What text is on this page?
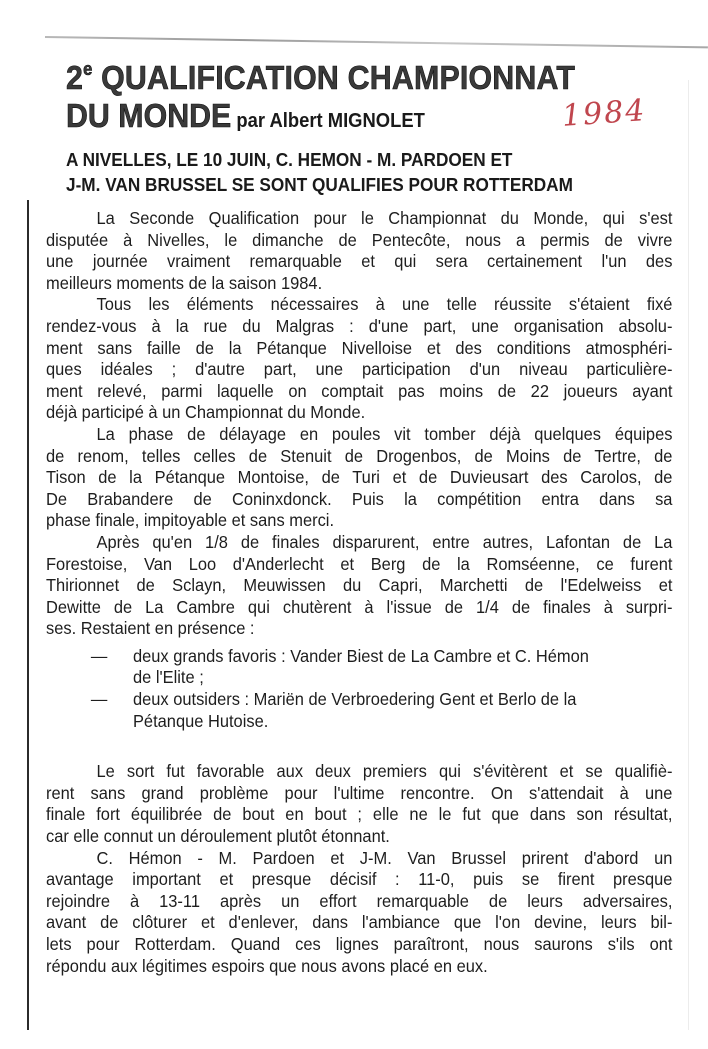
2e QUALIFICATION CHAMPIONNAT
DU MONDE par Albert MIGNOLET	1984
A NIVELLES, LE 10 JUIN, C. HEMON - M. PARDOEN ET
J-M. VAN BRUSSEL SE SONT QUALIFIES POUR ROTTERDAM
La Seconde Qualification pour le Championnat du Monde, qui s'est
disputée à Nivelles, le dimanche de Pentecôte, nous a permis de vivre
une journée vraiment remarquable et qui sera certainement l'un des
meilleurs moments de la saison 1984.
Tous les éléments nécessaires à une telle réussite s'étaient fixé
rendez-vous à la rue du Malgras : d'une part, une organisation absolu-
ment sans faille de la Pétanque Nivelloise et des conditions atmosphéri-
ques idéales ; d'autre part, une participation d'un niveau particulière-
ment relevé, parmi laquelle on comptait pas moins de 22 joueurs ayant
déjà participé à un Championnat du Monde.
La phase de délayage en poules vit tomber déjà quelques équipes
de renom, telles celles de Stenuit de Drogenbos, de Moins de Tertre, de
Tison de la Pétanque Montoise, de Turi et de Duvieusart des Carolos, de
De Brabandere de Coninxdonck. Puis la compétition entra dans sa
phase finale, impitoyable et sans merci.
Après qu'en 1/8 de finales disparurent, entre autres, Lafontan de La
Forestoise, Van Loo d'Anderlecht et Berg de la Romséenne, ce furent
Thirionnet de Sclayn, Meuwissen du Capri, Marchetti de l'Edelweiss et
Dewitte de La Cambre qui chutèrent à l'issue de 1/4 de finales à surpri-
ses. Restaient en présence :
— deux grands favoris : Vander Biest de La Cambre et C. Hémon
de l'Elite ;
— deux outsiders : Mariën de Verbroedering Gent et Berlo de la
Pétanque Hutoise.
Le sort fut favorable aux deux premiers qui s'évitèrent et se qualifiè-
rent sans grand problème pour l'ultime rencontre. On s'attendait à une
finale fort équilibrée de bout en bout ; elle ne le fut que dans son résultat,
car elle connut un déroulement plutôt étonnant.
C. Hémon - M. Pardoen et J-M. Van Brussel prirent d'abord un
avantage important et presque décisif : 11-0, puis se firent presque
rejoindre à 13-11 après un effort remarquable de leurs adversaires,
avant de clôturer et d'enlever, dans l'ambiance que l'on devine, leurs bil-
lets pour Rotterdam. Quand ces lignes paraîtront, nous saurons s'ils ont
répondu aux légitimes espoirs que nous avons placé en eux.
